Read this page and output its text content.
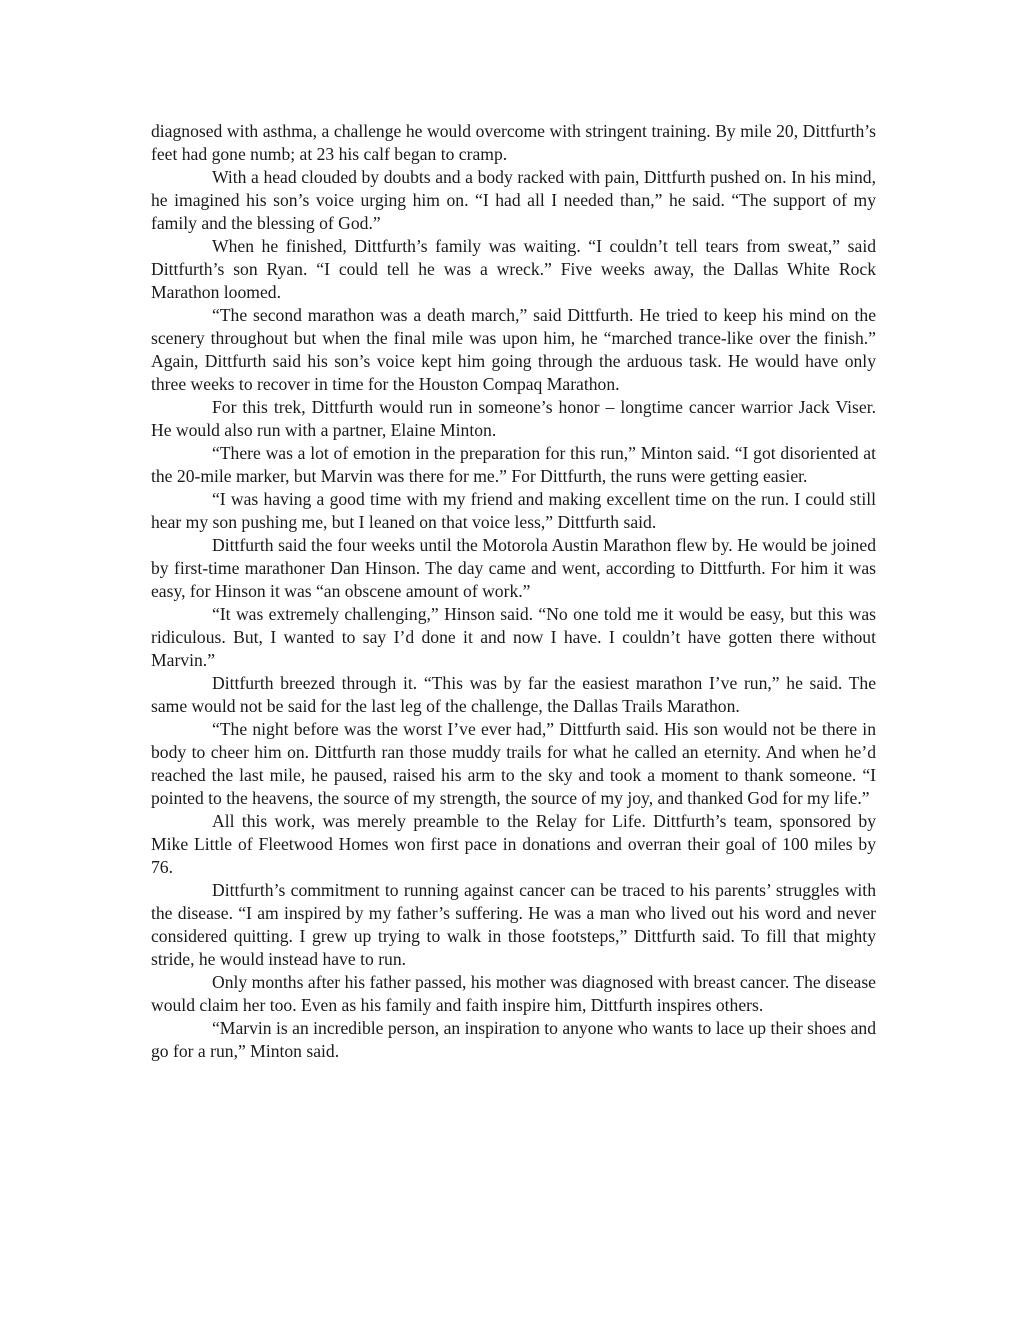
diagnosed with asthma, a challenge he would overcome with stringent training. By mile 20, Dittfurth’s feet had gone numb; at 23 his calf began to cramp.

With a head clouded by doubts and a body racked with pain, Dittfurth pushed on. In his mind, he imagined his son’s voice urging him on. “I had all I needed than,” he said. “The support of my family and the blessing of God.”

When he finished, Dittfurth’s family was waiting. “I couldn’t tell tears from sweat,” said Dittfurth’s son Ryan. “I could tell he was a wreck.” Five weeks away, the Dallas White Rock Marathon loomed.

“The second marathon was a death march,” said Dittfurth. He tried to keep his mind on the scenery throughout but when the final mile was upon him, he “marched trance-like over the finish.” Again, Dittfurth said his son’s voice kept him going through the arduous task. He would have only three weeks to recover in time for the Houston Compaq Marathon.

For this trek, Dittfurth would run in someone’s honor – longtime cancer warrior Jack Viser. He would also run with a partner, Elaine Minton.

“There was a lot of emotion in the preparation for this run,” Minton said. “I got disoriented at the 20-mile marker, but Marvin was there for me.” For Dittfurth, the runs were getting easier.

“I was having a good time with my friend and making excellent time on the run. I could still hear my son pushing me, but I leaned on that voice less,” Dittfurth said.

Dittfurth said the four weeks until the Motorola Austin Marathon flew by. He would be joined by first-time marathoner Dan Hinson. The day came and went, according to Dittfurth. For him it was easy, for Hinson it was “an obscene amount of work.”

“It was extremely challenging,” Hinson said. “No one told me it would be easy, but this was ridiculous. But, I wanted to say I’d done it and now I have. I couldn’t have gotten there without Marvin.”

Dittfurth breezed through it. “This was by far the easiest marathon I’ve run,” he said. The same would not be said for the last leg of the challenge, the Dallas Trails Marathon.

“The night before was the worst I’ve ever had,” Dittfurth said. His son would not be there in body to cheer him on. Dittfurth ran those muddy trails for what he called an eternity. And when he’d reached the last mile, he paused, raised his arm to the sky and took a moment to thank someone. “I pointed to the heavens, the source of my strength, the source of my joy, and thanked God for my life.”

All this work, was merely preamble to the Relay for Life. Dittfurth’s team, sponsored by Mike Little of Fleetwood Homes won first pace in donations and overran their goal of 100 miles by 76.

Dittfurth’s commitment to running against cancer can be traced to his parents’ struggles with the disease. “I am inspired by my father’s suffering. He was a man who lived out his word and never considered quitting. I grew up trying to walk in those footsteps,” Dittfurth said. To fill that mighty stride, he would instead have to run.

Only months after his father passed, his mother was diagnosed with breast cancer. The disease would claim her too. Even as his family and faith inspire him, Dittfurth inspires others.

“Marvin is an incredible person, an inspiration to anyone who wants to lace up their shoes and go for a run,” Minton said.
